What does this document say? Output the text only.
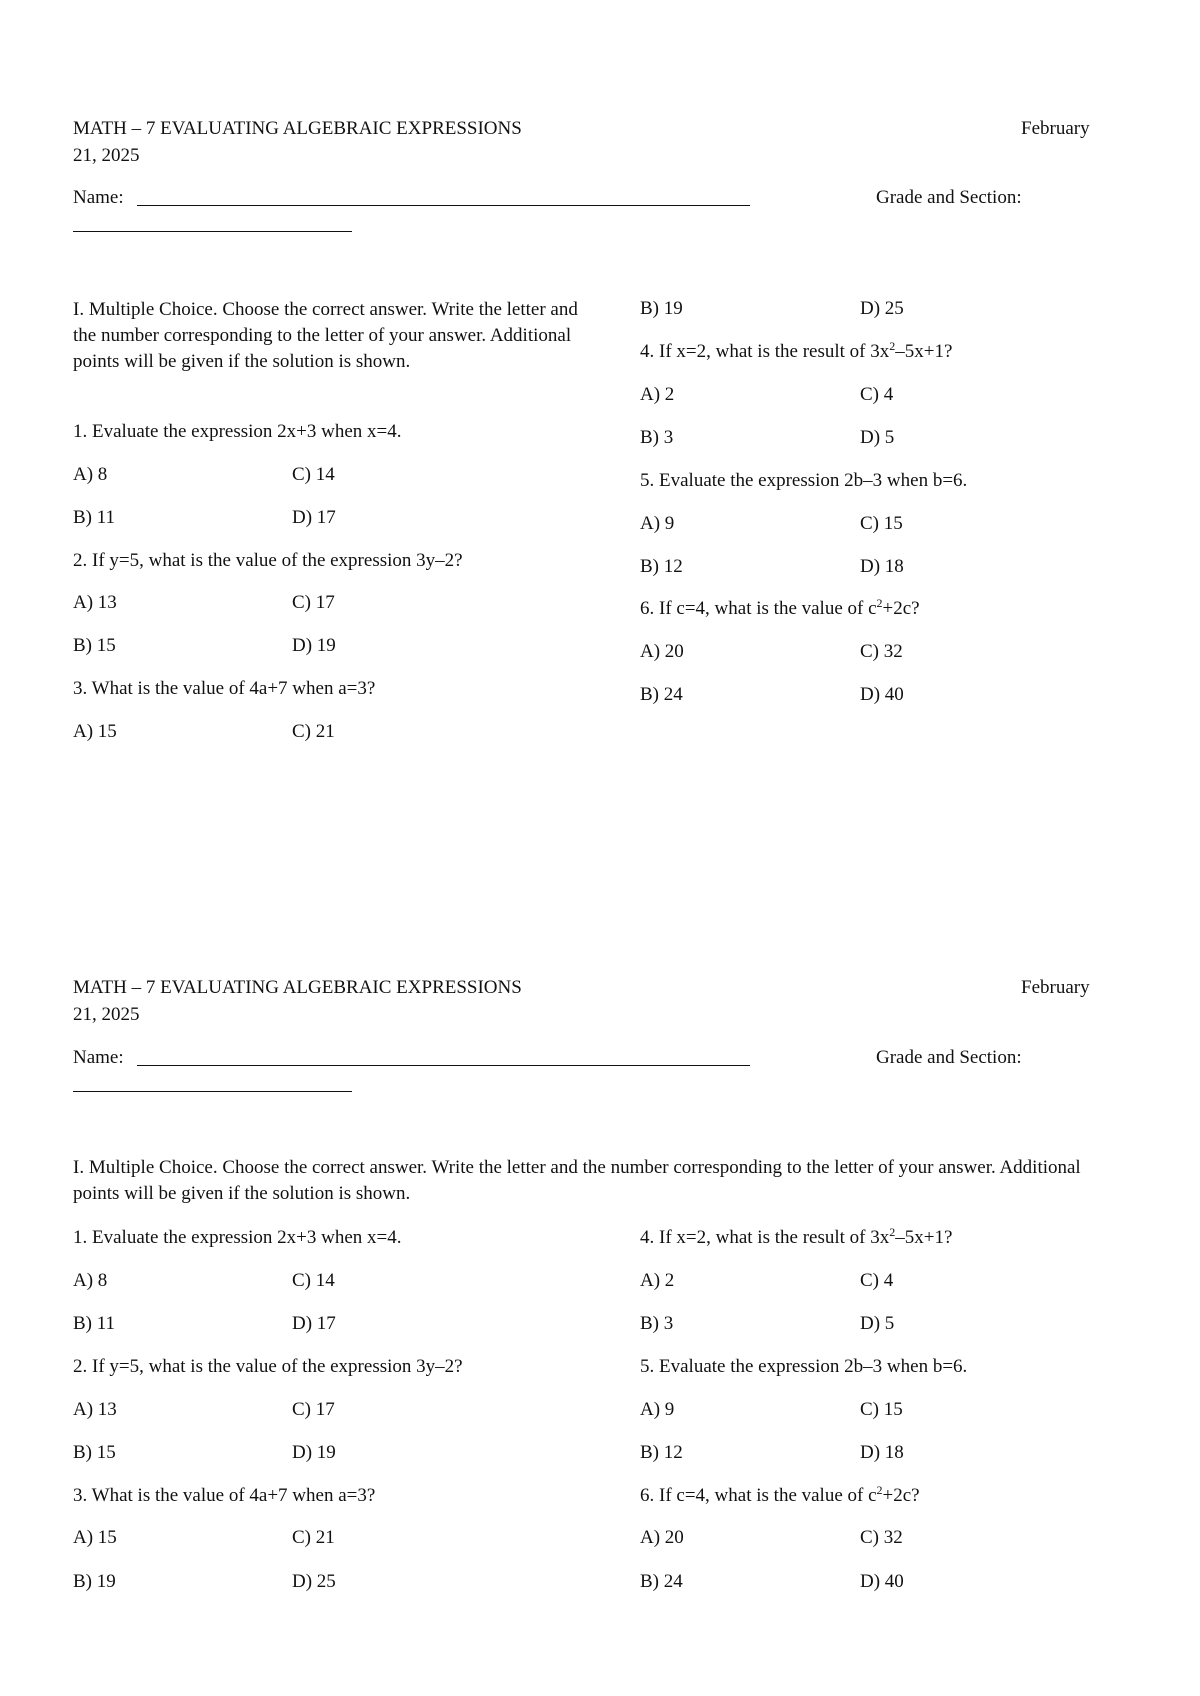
MATH – 7 EVALUATING ALGEBRAIC EXPRESSIONS	February
21, 2025
Name:	Grade and Section:
I. Multiple Choice. Choose the correct answer. Write the letter and the number corresponding to the letter of your answer. Additional points will be given if the solution is shown.
1. Evaluate the expression 2x+3 when x=4.
A) 8	C) 14
B) 11	D) 17
2. If y=5, what is the value of the expression 3y–2?
A) 13	C) 17
B) 15	D) 19
3. What is the value of 4a+7 when a=3?
A) 15	C) 21
B) 19	D) 25
4. If x=2, what is the result of $3x^2-5x+1$?
A) 2	C) 4
B) 3	D) 5
5. Evaluate the expression 2b–3 when b=6.
A) 9	C) 15
B) 12	D) 18
6. If c=4, what is the value of $c^2+2c$?
A) 20	C) 32
B) 24	D) 40
MATH – 7 EVALUATING ALGEBRAIC EXPRESSIONS	February
21, 2025
Name:	Grade and Section:
I. Multiple Choice. Choose the correct answer. Write the letter and the number corresponding to the letter of your answer. Additional points will be given if the solution is shown.
1. Evaluate the expression 2x+3 when x=4.
A) 8	C) 14
B) 11	D) 17
2. If y=5, what is the value of the expression 3y–2?
A) 13	C) 17
B) 15	D) 19
3. What is the value of 4a+7 when a=3?
A) 15	C) 21
B) 19	D) 25
4. If x=2, what is the result of $3x^2-5x+1$?
A) 2	C) 4
B) 3	D) 5
5. Evaluate the expression 2b–3 when b=6.
A) 9	C) 15
B) 12	D) 18
6. If c=4, what is the value of $c^2+2c$?
A) 20	C) 32
B) 24	D) 40
